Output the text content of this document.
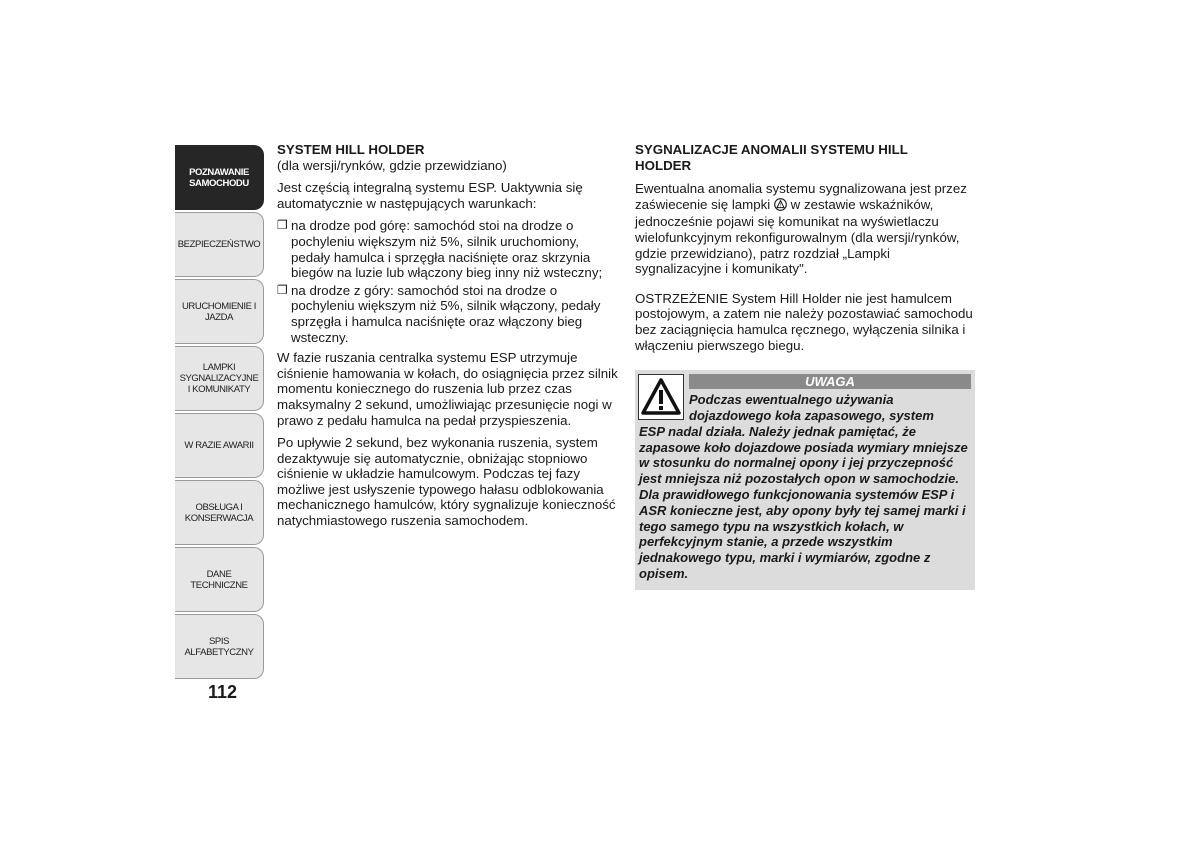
POZNAWANIE SAMOCHODU
BEZPIECZEŃSTWO
URUCHOMIENIE I JAZDA
LAMPKI SYGNALIZACYJNE I KOMUNIKATY
W RAZIE AWARII
OBSŁUGA I KONSERWACJA
DANE TECHNICZNE
SPIS ALFABETYCZNY
112
SYSTEM HILL HOLDER

(dla wersji/rynków, gdzie przewidziano)

Jest częścią integralną systemu ESP. Uaktywnia się automatycznie w następujących warunkach:

❒ na drodze pod górę: samochód stoi na drodze o pochyleniu większym niż 5%, silnik uruchomiony, pedały hamulca i sprzęgła naciśnięte oraz skrzynia biegów na luzie lub włączony bieg inny niż wsteczny;
❒ na drodze z góry: samochód stoi na drodze o pochyleniu większym niż 5%, silnik włączony, pedały sprzęgła i hamulca naciśnięte oraz włączony bieg wsteczny.

W fazie ruszania centralka systemu ESP utrzymuje ciśnienie hamowania w kołach, do osiągnięcia przez silnik momentu koniecznego do ruszenia lub przez czas maksymalny 2 sekund, umożliwiając przesunięcie nogi w prawo z pedału hamulca na pedał przyspieszenia.

Po upływie 2 sekund, bez wykonania ruszenia, system dezaktywuje się automatycznie, obniżając stopniowo ciśnienie w układzie hamulcowym. Podczas tej fazy możliwe jest usłyszenie typowego hałasu odblokowania mechanicznego hamulców, który sygnalizuje konieczność natychmiastowego ruszenia samochodem.

SYGNALIZACJE ANOMALII SYSTEMU HILL HOLDER

Ewentualna anomalia systemu sygnalizowana jest przez zaświecenie się lampki ! w zestawie wskaźników, jednocześnie pojawi się komunikat na wyświetlaczu wielofunkcyjnym rekonfigurowalnym (dla wersji/rynków, gdzie przewidziano), patrz rozdział „Lampki sygnalizacyjne i komunikaty".

OSTRZEŻENIE System Hill Holder nie jest hamulcem postojowym, a zatem nie należy pozostawiać samochodu bez zaciągnięcia hamulca ręcznego, wyłączenia silnika i włączeniu pierwszego biegu.

UWAGA
Podczas ewentualnego używania dojazdowego koła zapasowego, system
ESP nadal działa. Należy jednak pamiętać, że zapasowe koło dojazdowe posiada wymiary mniejsze w stosunku do normalnej opony i jej przyczepność jest mniejsza niż pozostałych opon w samochodzie. Dla prawidłowego funkcjonowania systemów ESP i ASR konieczne jest, aby opony były tej samej marki i tego samego typu na wszystkich kołach, w perfekcyjnym stanie, a przede wszystkim jednakowego typu, marki i wymiarów, zgodne z opisem.
